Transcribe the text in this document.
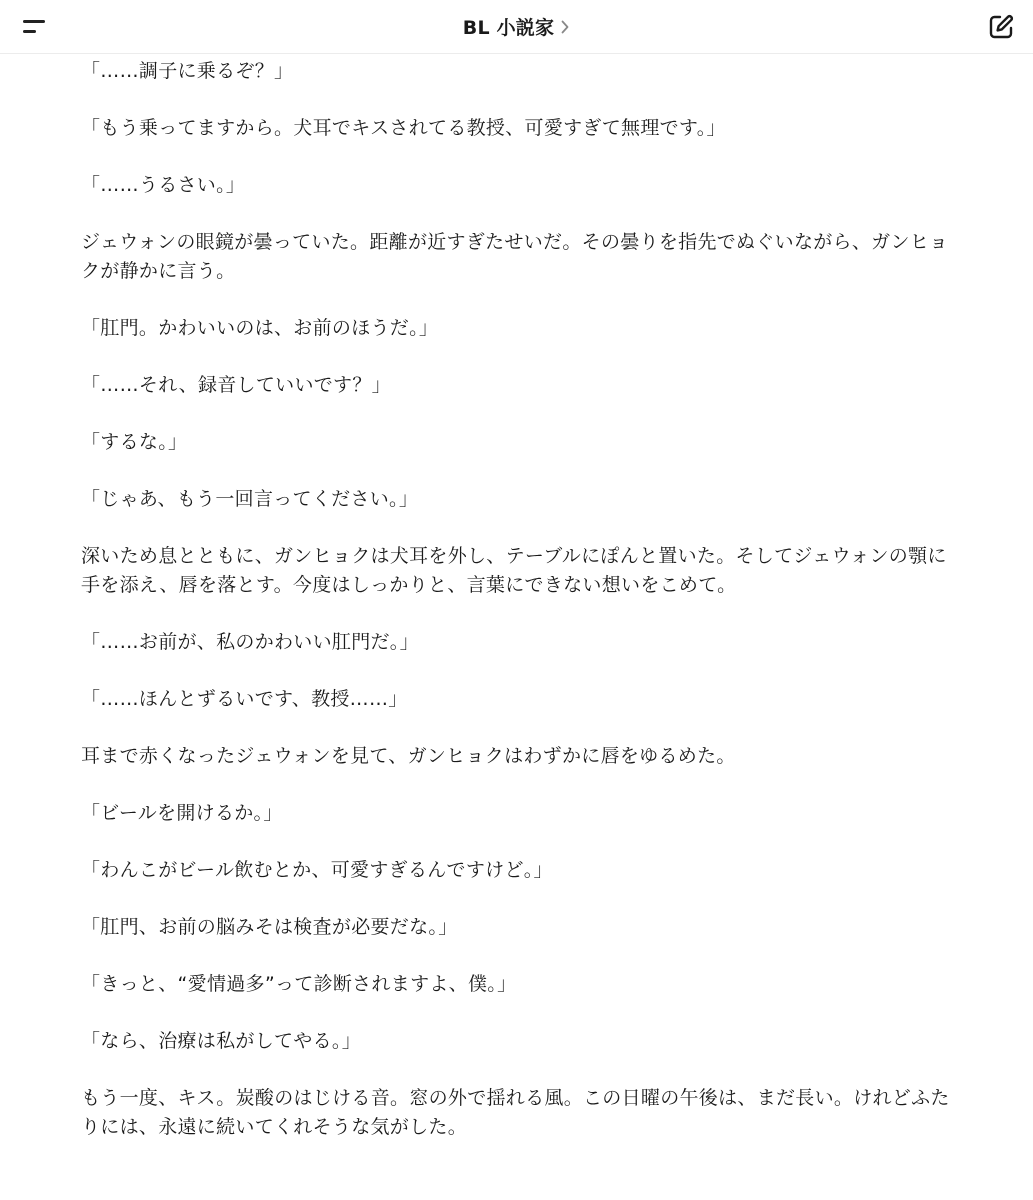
BL 小説家

「……調子に乗るぞ？」

「もう乗ってますから。犬耳でキスされてる教授、可愛すぎて無理です。」

「……うるさい。」

ジェウォンの眼鏡が曇っていた。距離が近すぎたせいだ。その曇りを指先でぬぐいながら、ガンヒョクが静かに言う。

「肛門。かわいいのは、お前のほうだ。」

「……それ、録音していいです？」

「するな。」

「じゃあ、もう一回言ってください。」

深いため息とともに、ガンヒョクは犬耳を外し、テーブルにぽんと置いた。そしてジェウォンの顎に手を添え、唇を落とす。今度はしっかりと、言葉にできない想いをこめて。

「……お前が、私のかわいい肛門だ。」

「……ほんとずるいです、教授……」

耳まで赤くなったジェウォンを見て、ガンヒョクはわずかに唇をゆるめた。

「ビールを開けるか。」

「わんこがビール飲むとか、可愛すぎるんですけど。」

「肛門、お前の脳みそは検査が必要だな。」

「きっと、“愛情過多”って診断されますよ、僕。」

「なら、治療は私がしてやる。」

もう一度、キス。炭酸のはじける音。窓の外で揺れる風。この日曜の午後は、まだ長い。けれどふたりには、永遠に続いてくれそうな気がした。
